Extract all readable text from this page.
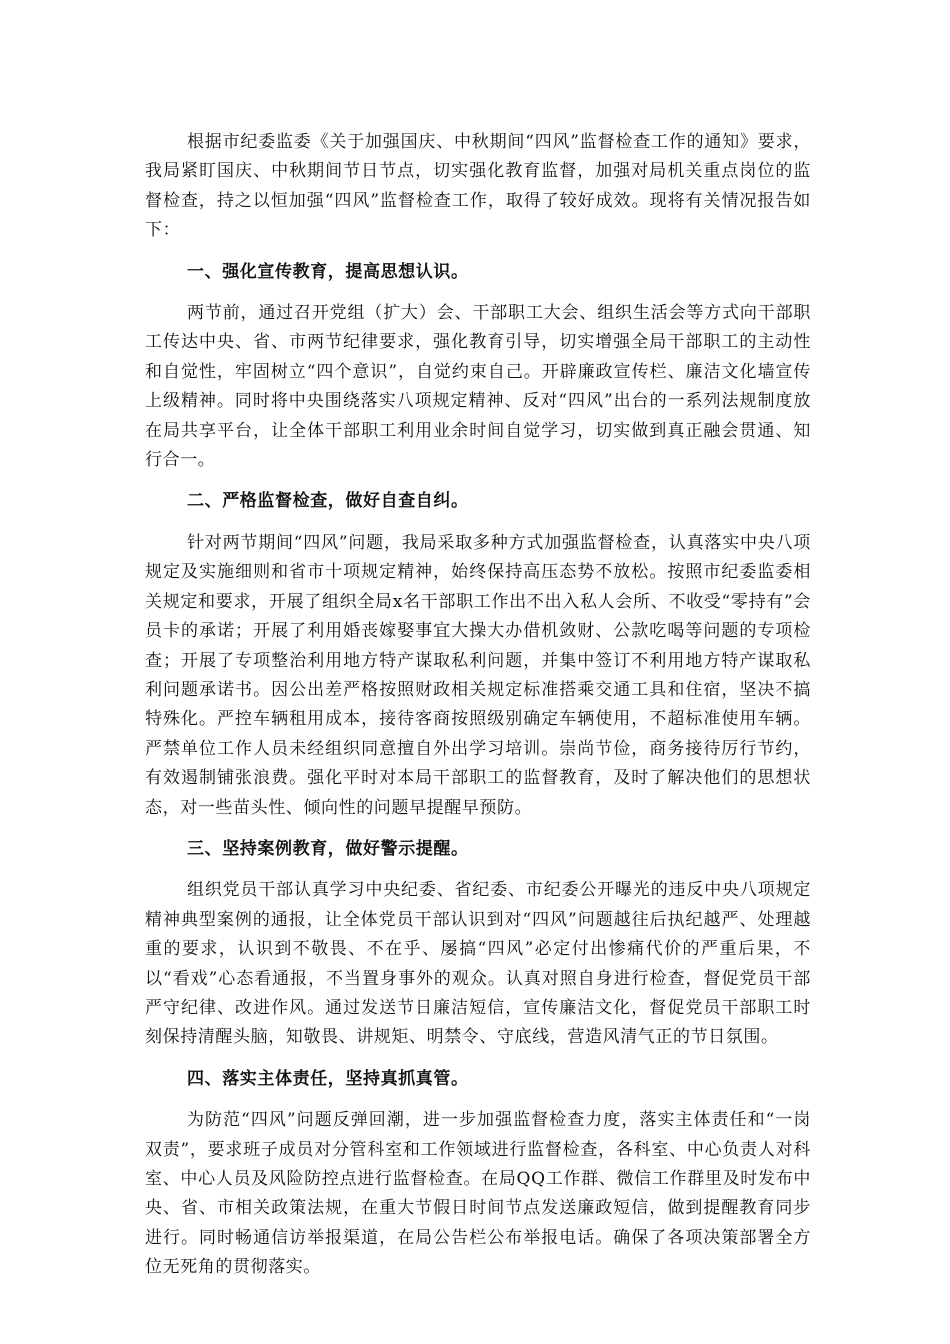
根据市纪委监委《关于加强国庆、中秋期间“四风”监督检查工作的通知》要求，我局紧盯国庆、中秋期间节日节点，切实强化教育监督，加强对局机关重点岗位的监督检查，持之以恒加强“四风”监督检查工作，取得了较好成效。现将有关情况报告如下：

一、强化宣传教育，提高思想认识。

两节前，通过召开党组（扩大）会、干部职工大会、组织生活会等方式向干部职工传达中央、省、市两节纪律要求，强化教育引导，切实增强全局干部职工的主动性和自觉性，牢固树立“四个意识”，自觉约束自己。开辟廉政宣传栏、廉洁文化墙宣传上级精神。同时将中央围绕落实八项规定精神、反对“四风”出台的一系列法规制度放在局共享平台，让全体干部职工利用业余时间自觉学习，切实做到真正融会贯通、知行合一。

二、严格监督检查，做好自查自纠。

针对两节期间“四风”问题，我局采取多种方式加强监督检查，认真落实中央八项规定及实施细则和省市十项规定精神，始终保持高压态势不放松。按照市纪委监委相关规定和要求，开展了组织全局x名干部职工作出不出入私人会所、不收受“零持有”会员卡的承诺；开展了利用婚丧嫁娶事宜大操大办借机敛财、公款吃喝等问题的专项检查；开展了专项整治利用地方特产谋取私利问题，并集中签订不利用地方特产谋取私利问题承诺书。因公出差严格按照财政相关规定标准搭乘交通工具和住宿，坚决不搞特殊化。严控车辆租用成本，接待客商按照级别确定车辆使用，不超标准使用车辆。严禁单位工作人员未经组织同意擅自外出学习培训。崇尚节俭，商务接待厉行节约，有效遏制铺张浪费。强化平时对本局干部职工的监督教育，及时了解决他们的思想状态，对一些苗头性、倾向性的问题早提醒早预防。

三、坚持案例教育，做好警示提醒。

组织党员干部认真学习中央纪委、省纪委、市纪委公开曝光的违反中央八项规定精神典型案例的通报，让全体党员干部认识到对“四风”问题越往后执纪越严、处理越重的要求，认识到不敬畏、不在乎、屡搞“四风”必定付出惨痛代价的严重后果，不以“看戏”心态看通报，不当置身事外的观众。认真对照自身进行检查，督促党员干部严守纪律、改进作风。通过发送节日廉洁短信，宣传廉洁文化，督促党员干部职工时刻保持清醒头脑，知敬畏、讲规矩、明禁令、守底线，营造风清气正的节日氛围。

四、落实主体责任，坚持真抓真管。

为防范“四风”问题反弹回潮，进一步加强监督检查力度，落实主体责任和“一岗双责”，要求班子成员对分管科室和工作领域进行监督检查，各科室、中心负责人对科室、中心人员及风险防控点进行监督检查。在局QQ工作群、微信工作群里及时发布中央、省、市相关政策法规，在重大节假日时间节点发送廉政短信，做到提醒教育同步进行。同时畅通信访举报渠道，在局公告栏公布举报电话。确保了各项决策部署全方位无死角的贯彻落实。
